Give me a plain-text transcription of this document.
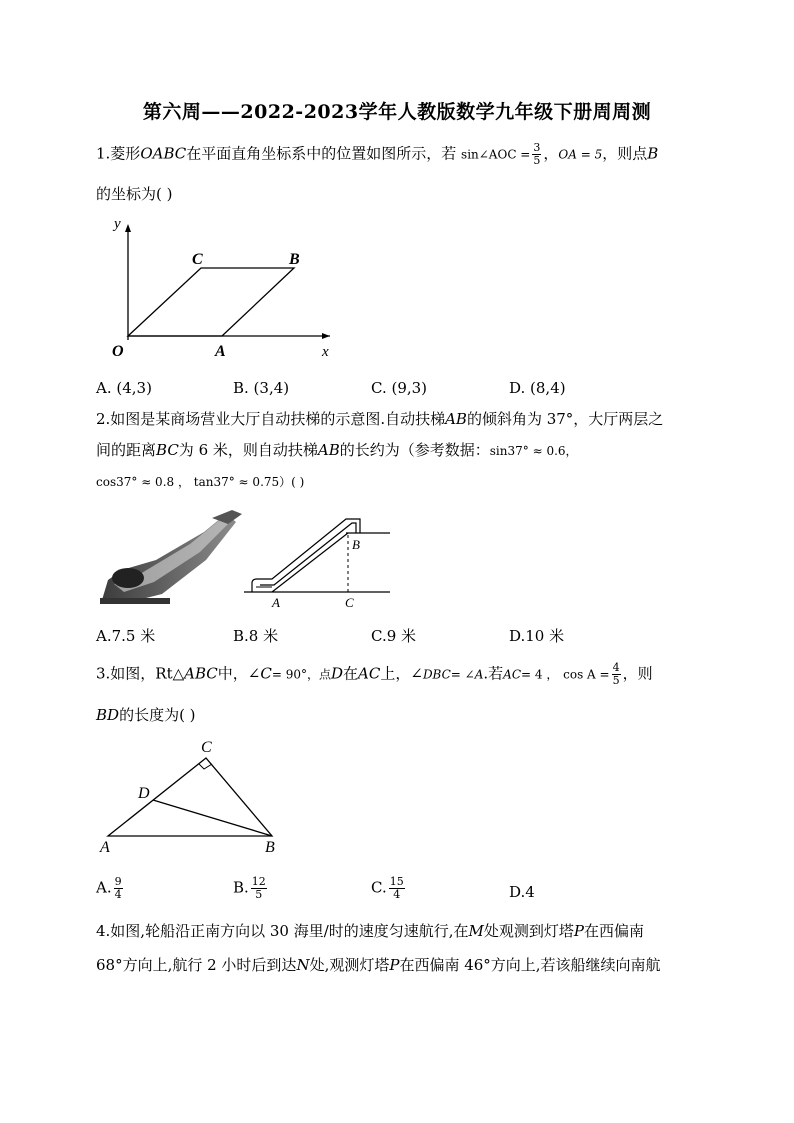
第六周——2022-2023学年人教版数学九年级下册周周测
1.菱形OABC在平面直角坐标系中的位置如图所示，若 sin∠AOC = $\frac{3}{5}$ ，OA = 5，则点B
的坐标为( )
y
x
O	A
C	B
A. (4,3)	B. (3,4)	C. (9,3)	D. (8,4)
2.如图是某商场营业大厅自动扶梯的示意图.自动扶梯AB的倾斜角为 37°，大厅两层之
间的距离BC为 6 米，则自动扶梯AB的长约为（参考数据：sin37° ≈ 0.6，
cos37° ≈ 0.8 ， tan37° ≈ 0.75）( )
A
B
C
A.7.5 米	B.8 米	C.9 米	D.10 米
3.如图，Rt△ABC中，∠C= 90°，点D在AC上，∠DBC= ∠A.若AC= 4 ， $\cos A = \frac{4}{5}$ ，则
BD的长度为( )
A	B
C
D
A. $\frac{9}{4}$	B. $\frac{12}{5}$	C. $\frac{15}{4}$	D.4
4.如图,轮船沿正南方向以 30 海里/时的速度匀速航行,在M处观测到灯塔P在西偏南
68°方向上,航行 2 小时后到达N处,观测灯塔P在西偏南 46°方向上,若该船继续向南航
